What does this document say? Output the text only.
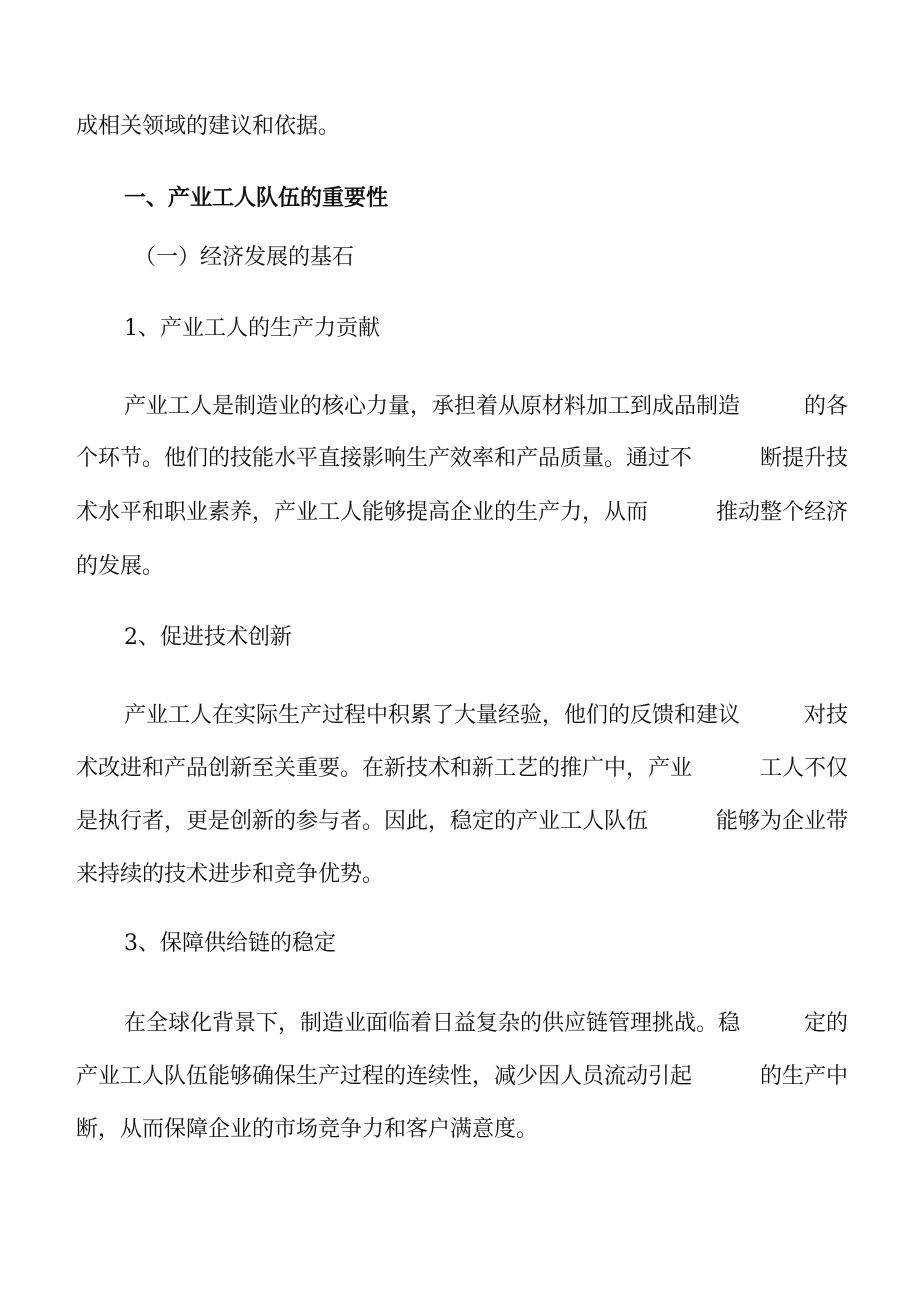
成相关领域的建议和依据。
一、产业工人队伍的重要性
（一）经济发展的基石
1、产业工人的生产力贡献
产业工人是制造业的核心力量，承担着从原材料加工到成品制造	的各
个环节。他们的技能水平直接影响生产效率和产品质量。通过不	断提升技
术水平和职业素养，产业工人能够提高企业的生产力，从而	推动整个经济
的发展。
2、促进技术创新
产业工人在实际生产过程中积累了大量经验，他们的反馈和建议	对技
术改进和产品创新至关重要。在新技术和新工艺的推广中，产业	工人不仅
是执行者，更是创新的参与者。因此，稳定的产业工人队伍	能够为企业带
来持续的技术进步和竞争优势。
3、保障供给链的稳定
在全球化背景下，制造业面临着日益复杂的供应链管理挑战。稳	定的
产业工人队伍能够确保生产过程的连续性，减少因人员流动引起	的生产中
断，从而保障企业的市场竞争力和客户满意度。
